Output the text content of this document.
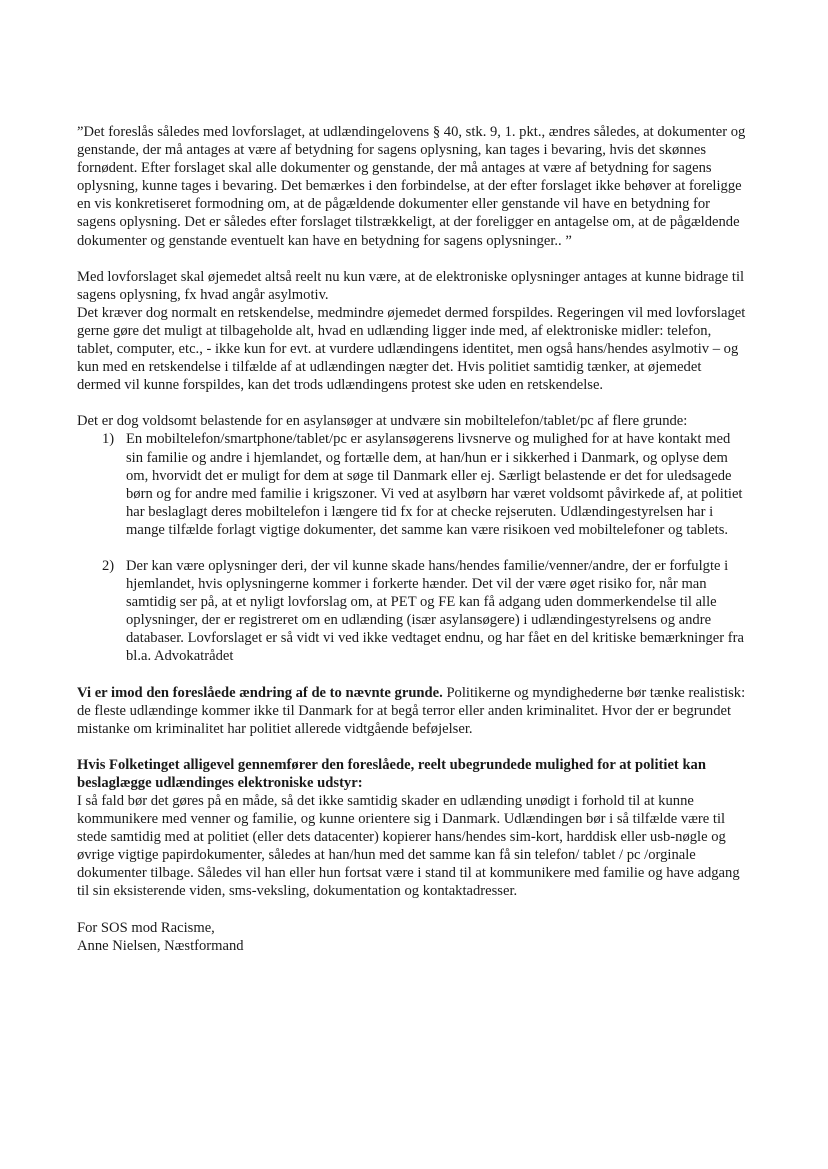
”Det foreslås således med lovforslaget, at udlændingelovens § 40, stk. 9, 1. pkt., ændres således, at dokumenter og genstande, der må antages at være af betydning for sagens oplysning, kan tages i bevaring, hvis det skønnes fornødent. Efter forslaget skal alle dokumenter og genstande, der må antages at være af betydning for sagens oplysning, kunne tages i bevaring. Det bemærkes i den forbindelse, at der efter forslaget ikke behøver at foreligge en vis konkretiseret formodning om, at de pågældende dokumenter eller genstande vil have en betydning for sagens oplysning. Det er således efter forslaget tilstrækkeligt, at der foreligger en antagelse om, at de pågældende dokumenter og genstande eventuelt kan have en betydning for sagens oplysninger.. ”

Med lovforslaget skal øjemedet altså reelt nu kun være, at de elektroniske oplysninger antages at kunne bidrage til sagens oplysning, fx hvad angår asylmotiv.

Det kræver dog normalt en retskendelse, medmindre øjemedet dermed forspildes. Regeringen vil med lovforslaget gerne gøre det muligt at tilbageholde alt, hvad en udlænding ligger inde med, af elektroniske midler: telefon, tablet, computer, etc., - ikke kun for evt. at vurdere udlændingens identitet, men også hans/hendes asylmotiv – og kun med en retskendelse i tilfælde af at udlændingen nægter det. Hvis politiet samtidig tænker, at øjemedet dermed vil kunne forspildes, kan det trods udlændingens protest ske uden en retskendelse.

Det er dog voldsomt belastende for en asylansøger at undvære sin mobiltelefon/tablet/pc af flere grunde:

1) En mobiltelefon/smartphone/tablet/pc er asylansøgerens livsnerve og mulighed for at have kontakt med sin familie og andre i hjemlandet, og fortælle dem, at han/hun er i sikkerhed i Danmark, og oplyse dem om, hvorvidt det er muligt for dem at søge til Danmark eller ej. Særligt belastende er det for uledsagede børn og for andre med familie i krigszoner. Vi ved at asylbørn har været voldsomt påvirkede af, at politiet har beslaglagt deres mobiltelefon i længere tid fx for at checke rejseruten. Udlændingestyrelsen har i mange tilfælde forlagt vigtige dokumenter, det samme kan være risikoen ved mobiltelefoner og tablets.
2) Der kan være oplysninger deri, der vil kunne skade hans/hendes familie/venner/andre, der er forfulgte i hjemlandet, hvis oplysningerne kommer i forkerte hænder. Det vil der være øget risiko for, når man samtidig ser på, at et nyligt lovforslag om, at PET og FE kan få adgang uden dommerkendelse til alle oplysninger, der er registreret om en udlænding (især asylansøgere) i udlændingestyrelsens og andre databaser. Lovforslaget er så vidt vi ved ikke vedtaget endnu, og har fået en del kritiske bemærkninger fra bl.a. Advokatrådet

Vi er imod den foreslåede ændring af de to nævnte grunde. Politikerne og myndighederne bør tænke realistisk: de fleste udlændinge kommer ikke til Danmark for at begå terror eller anden kriminalitet. Hvor der er begrundet mistanke om kriminalitet har politiet allerede vidtgående beføjelser.

Hvis Folketinget alligevel gennemfører den foreslåede, reelt ubegrundede mulighed for at politiet kan beslaglægge udlændinges elektroniske udstyr:

I så fald bør det gøres på en måde, så det ikke samtidig skader en udlænding unødigt i forhold til at kunne kommunikere med venner og familie, og kunne orientere sig i Danmark. Udlændingen bør i så tilfælde være til stede samtidig med at politiet (eller dets datacenter) kopierer hans/hendes sim-kort, harddisk eller usb-nøgle og øvrige vigtige papirdokumenter, således at han/hun med det samme kan få sin telefon/ tablet / pc /orginale dokumenter tilbage. Således vil han eller hun fortsat være i stand til at kommunikere med familie og have adgang til sin eksisterende viden, sms-veksling, dokumentation og kontaktadresser.

For SOS mod Racisme,

Anne Nielsen, Næstformand
